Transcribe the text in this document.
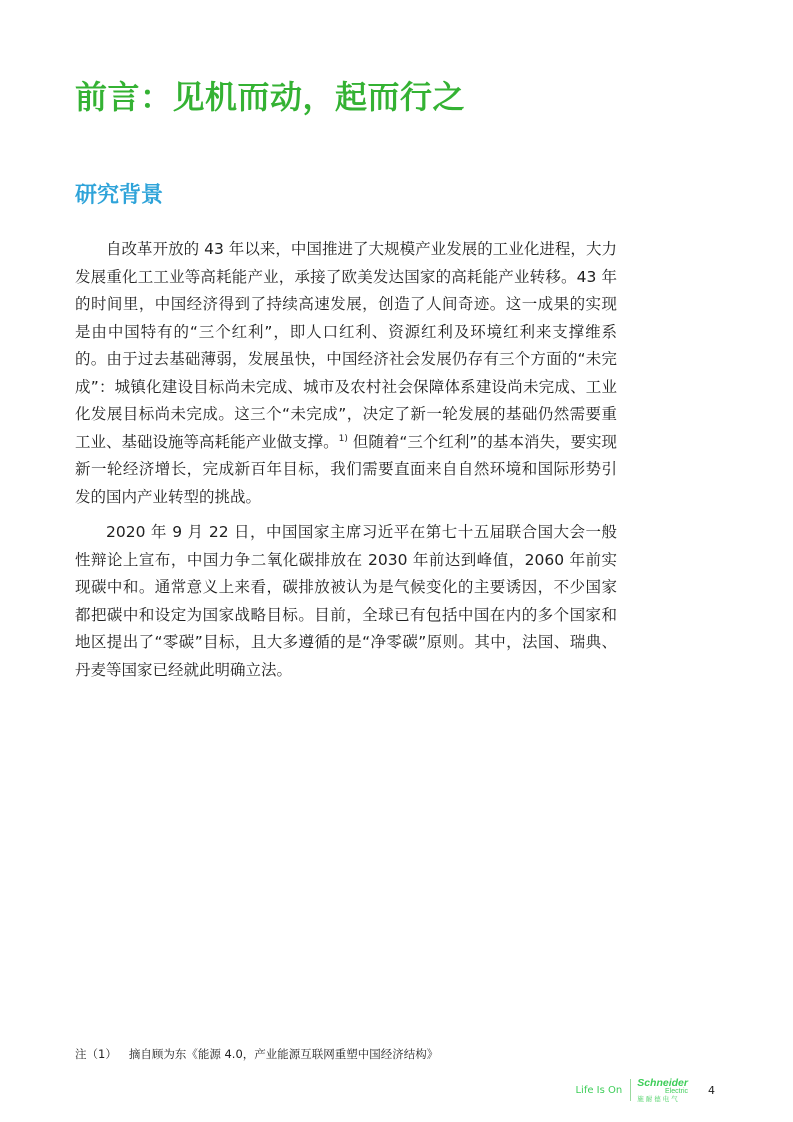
前言：见机而动，起而行之
研究背景

自改革开放的 43 年以来，中国推进了大规模产业发展的工业化进程，大力发展重化工工业等高耗能产业，承接了欧美发达国家的高耗能产业转移。43 年的时间里，中国经济得到了持续高速发展，创造了人间奇迹。这一成果的实现是由中国特有的“三个红利”，即人口红利、资源红利及环境红利来支撑维系的。由于过去基础薄弱，发展虽快，中国经济社会发展仍存有三个方面的“未完成”：城镇化建设目标尚未完成、城市及农村社会保障体系建设尚未完成、工业化发展目标尚未完成。这三个“未完成”，决定了新一轮发展的基础仍然需要重工业、基础设施等高耗能产业做支撑。$^{1)}$ 但随着“三个红利”的基本消失，要实现新一轮经济增长，完成新百年目标，我们需要直面来自自然环境和国际形势引发的国内产业转型的挑战。

2020 年 9 月 22 日，中国国家主席习近平在第七十五届联合国大会一般性辩论上宣布，中国力争二氧化碳排放在 2030 年前达到峰值，2060 年前实现碳中和。通常意义上来看，碳排放被认为是气候变化的主要诱因，不少国家都把碳中和设定为国家战略目标。目前，全球已有包括中国在内的多个国家和地区提出了“零碳”目标，且大多遵循的是“净零碳”原则。其中，法国、瑞典、丹麦等国家已经就此明确立法。

注（1） 摘自顾为东《能源 4.0，产业能源互联网重塑中国经济结构》
Life Is On
Schneider
Electric
施耐德电气
4
